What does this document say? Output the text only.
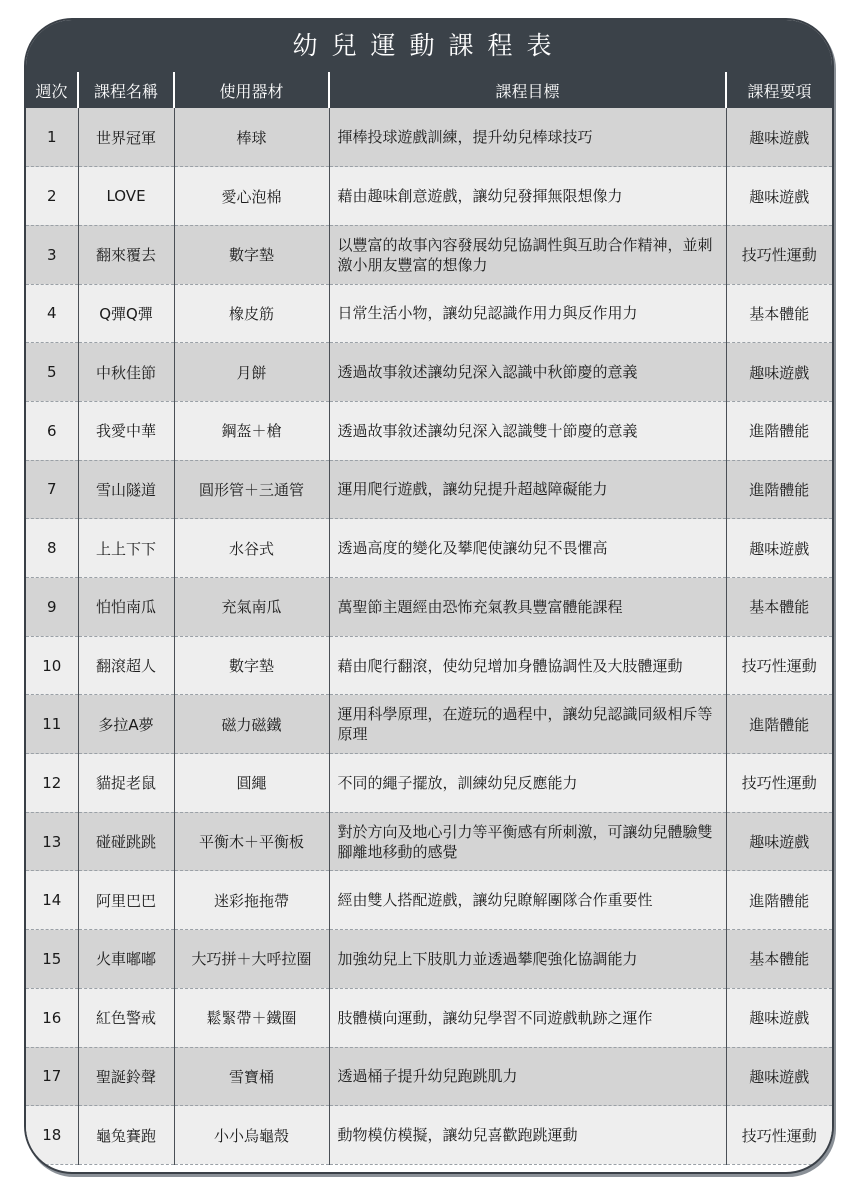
幼兒運動課程表
週次	課程名稱	使用器材	課程目標	課程要項
1	世界冠軍	棒球	揮棒投球遊戲訓練，提升幼兒棒球技巧	趣味遊戲
2	LOVE	愛心泡棉	藉由趣味創意遊戲，讓幼兒發揮無限想像力	趣味遊戲
3	翻來覆去	數字墊	以豐富的故事內容發展幼兒協調性與互助合作精神，並刺激小朋友豐富的想像力	技巧性運動
4	Q彈Q彈	橡皮筋	日常生活小物，讓幼兒認識作用力與反作用力	基本體能
5	中秋佳節	月餅	透過故事敘述讓幼兒深入認識中秋節慶的意義	趣味遊戲
6	我愛中華	鋼盔＋槍	透過故事敘述讓幼兒深入認識雙十節慶的意義	進階體能
7	雪山隧道	圓形管＋三通管	運用爬行遊戲，讓幼兒提升超越障礙能力	進階體能
8	上上下下	水谷式	透過高度的變化及攀爬使讓幼兒不畏懼高	趣味遊戲
9	怕怕南瓜	充氣南瓜	萬聖節主題經由恐怖充氣教具豐富體能課程	基本體能
10	翻滾超人	數字墊	藉由爬行翻滾，使幼兒增加身體協調性及大肢體運動	技巧性運動
11	多拉A夢	磁力磁鐵	運用科學原理，在遊玩的過程中，讓幼兒認識同級相斥等原理	進階體能
12	貓捉老鼠	圓繩	不同的繩子擺放，訓練幼兒反應能力	技巧性運動
13	碰碰跳跳	平衡木＋平衡板	對於方向及地心引力等平衡感有所刺激，可讓幼兒體驗雙腳離地移動的感覺	趣味遊戲
14	阿里巴巴	迷彩拖拖帶	經由雙人搭配遊戲，讓幼兒瞭解團隊合作重要性	進階體能
15	火車嘟嘟	大巧拼＋大呼拉圈	加強幼兒上下肢肌力並透過攀爬強化協調能力	基本體能
16	紅色警戒	鬆緊帶＋鐵圈	肢體橫向運動，讓幼兒學習不同遊戲軌跡之運作	趣味遊戲
17	聖誕鈴聲	雪寶桶	透過桶子提升幼兒跑跳肌力	趣味遊戲
18	龜兔賽跑	小小烏龜殼	動物模仿模擬，讓幼兒喜歡跑跳運動	技巧性運動
